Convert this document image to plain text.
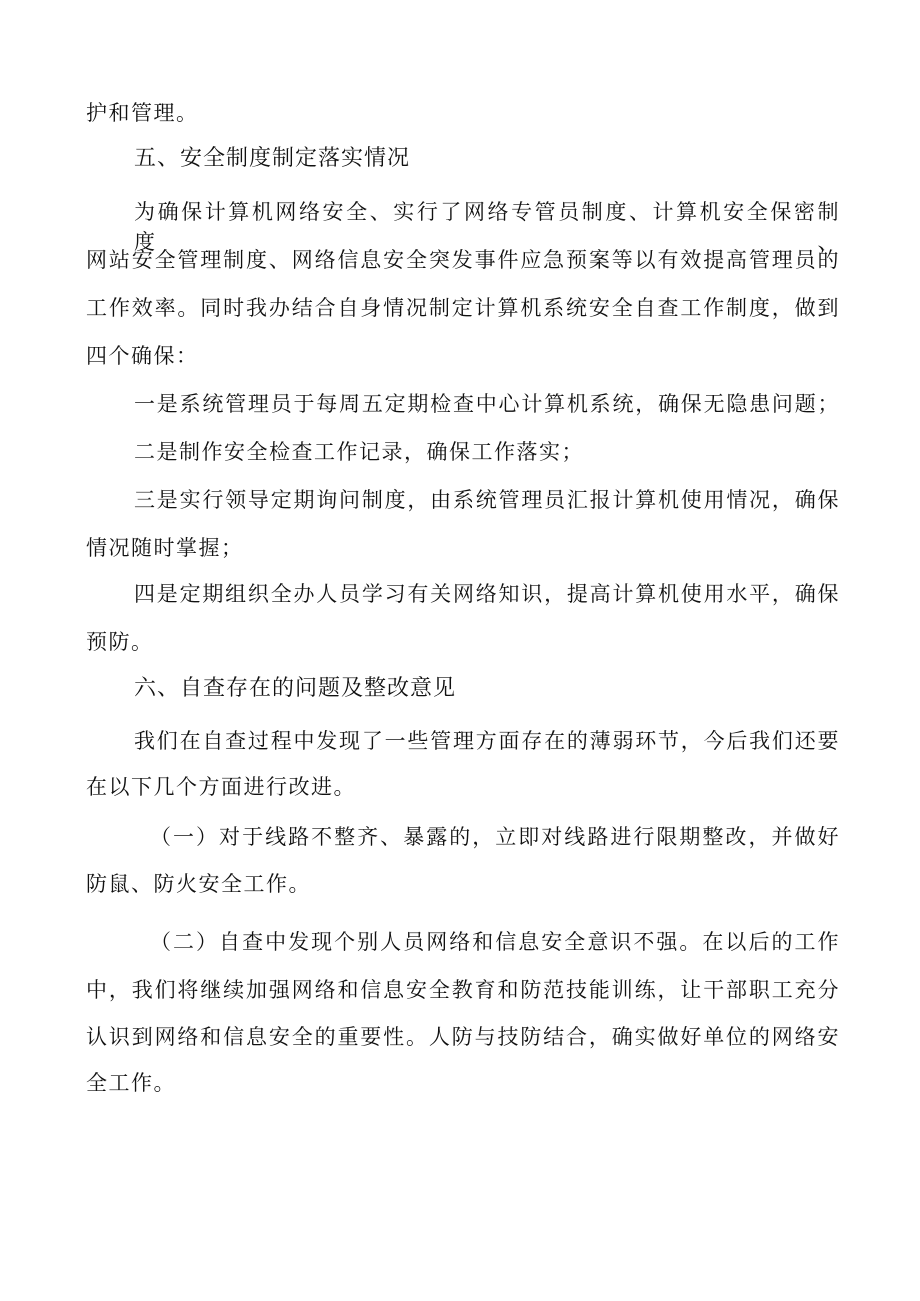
护和管理。
五、安全制度制定落实情况
为确保计算机网络安全、实行了网络专管员制度、计算机安全保密制度、
网站安全管理制度、网络信息安全突发事件应急预案等以有效提高管理员的
工作效率。同时我办结合自身情况制定计算机系统安全自查工作制度，做到
四个确保：
一是系统管理员于每周五定期检查中心计算机系统，确保无隐患问题；
二是制作安全检查工作记录，确保工作落实；
三是实行领导定期询问制度，由系统管理员汇报计算机使用情况，确保
情况随时掌握；
四是定期组织全办人员学习有关网络知识，提高计算机使用水平，确保
预防。
六、自查存在的问题及整改意见
我们在自查过程中发现了一些管理方面存在的薄弱环节，今后我们还要
在以下几个方面进行改进。
（一）对于线路不整齐、暴露的，立即对线路进行限期整改，并做好
防鼠、防火安全工作。
（二）自查中发现个别人员网络和信息安全意识不强。在以后的工作
中，我们将继续加强网络和信息安全教育和防范技能训练，让干部职工充分
认识到网络和信息安全的重要性。人防与技防结合，确实做好单位的网络安
全工作。
